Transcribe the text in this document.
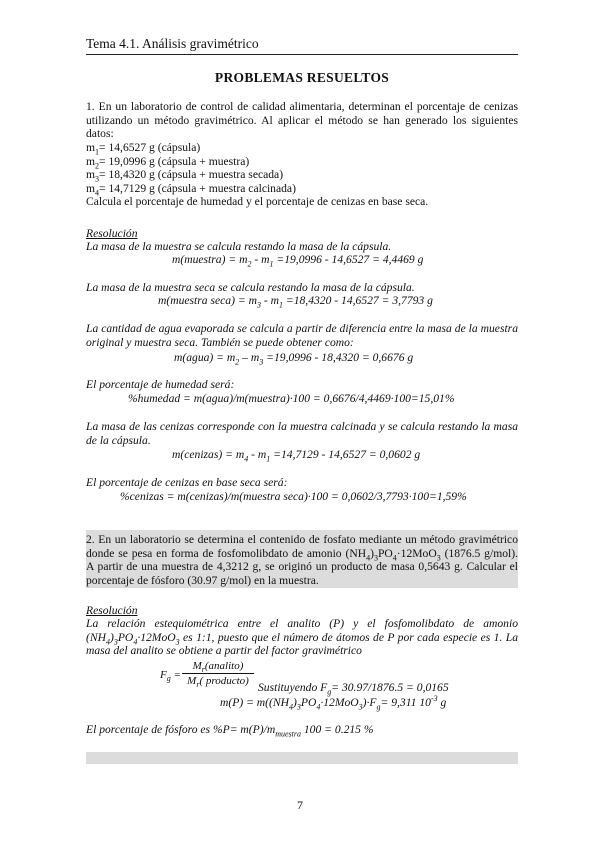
Tema 4.1. Análisis gravimétrico
PROBLEMAS RESUELTOS
1. En un laboratorio de control de calidad alimentaria, determinan el porcentaje de cenizas utilizando un método gravimétrico. Al aplicar el método se han generado los siguientes datos:
$m_1= 14,6527$ g (cápsula)
$m_2= 19,0996$ g (cápsula + muestra)
$m_3= 18,4320$ g (cápsula + muestra secada)
$m_4= 14,7129$ g (cápsula + muestra calcinada)
Calcula el porcentaje de humedad y el porcentaje de cenizas en base seca.
Resolución
La masa de la muestra se calcula restando la masa de la cápsula.
m(muestra) = $m_2 - m_1 =19,0996 - 14,6527 = 4,4469$ g
La masa de la muestra seca se calcula restando la masa de la cápsula.
m(muestra $\sec a) = m_3 - m_1 =18,4320 - 14,6527 = 3,7793$ g
La cantidad de agua evaporada se calcula a partir de diferencia entre la masa de la muestra original y muestra seca. También se puede obtener como:
m(agua) = $m_2 - m_3 =19,0996 - 18,4320 = 0,6676$ g
El porcentaje de humedad será:
%humedad = m(agua)/m(muestra)·100 = 0,6676/4,4469·100=15,01%
La masa de las cenizas corresponde con la muestra calcinada y se calcula restando la masa de la cápsula.
m(cenizas) = $m_4 - m_1 =14,7129 - 14,6527 = 0,0602$ g
El porcentaje de cenizas en base seca será:
%cenizas = m(cenizas)/m(muestra seca)·100 = 0,0602/3,7793·100=1,59%
2. En un laboratorio se determina el contenido de fosfato mediante un método gravimétrico donde se pesa en forma de fosfomolibdato de amonio $(NH_4)_3PO_4\cdot 12MoO_3$ (1876.5 g/mol). A partir de una muestra de 4,3212 g, se originó un producto de masa 0,5643 g. Calcular el porcentaje de fósforo (30.97 g/mol) en la muestra.
Resolución
La relación estequiométrica entre el analito (P) y el fosfomolibdato de amonio $(NH_4)_3PO_4\cdot 12MoO_3$ es 1:1, puesto que el número de átomos de P por cada especie es 1. La masa del analito se obtiene a partir del factor gravimétrico
$F_g$ =
$M_r(analito)$
$M_r$( producto) Sustituyendo $F_g= 30.97/1876.5 = 0,0165$
$m(P) = m((NH_4)_3PO_4\cdot 12MoO_3)\cdot F_g= 9,311$ $10^{-3}$ g
El porcentaje de fósforo es $\%P= m(P)/m_{muestra}$ 100 = 0.215 %
7
